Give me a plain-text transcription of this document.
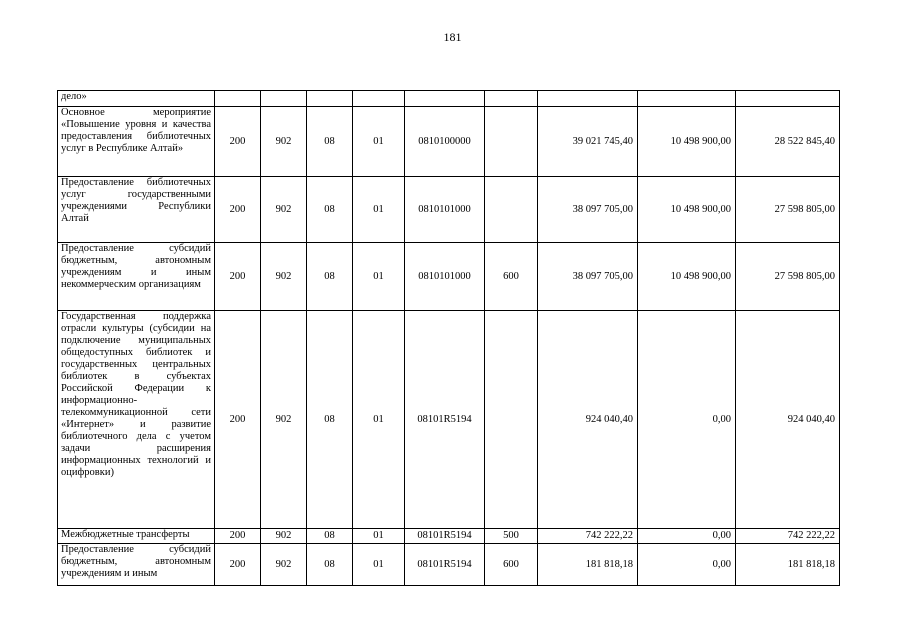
181
дело»									

Основное мероприятие «Повышение уровня и качества предоставления библиотечных услуг в Республике Алтай»	200	902	08	01	0810100000		39 021 745,40	10 498 900,00	28 522 845,40

Предоставление библиотечных услуг государственными учреждениями Республики Алтай	200	902	08	01	0810101000		38 097 705,00	10 498 900,00	27 598 805,00

Предоставление субсидий бюджетным, автономным учреждениям и иным некоммерческим организациям	200	902	08	01	0810101000	600	38 097 705,00	10 498 900,00	27 598 805,00

Государственная поддержка отрасли культуры (субсидии на подключение муниципальных общедоступных библиотек и государственных центральных библиотек в субъектах Российской Федерации к информационно-телекоммуникационной сети «Интернет» и развитие библиотечного дела с учетом задачи расширения информационных технологий и оцифровки)	200	902	08	01	08101R5194		924 040,40	0,00	924 040,40

Межбюджетные трансферты	200	902	08	01	08101R5194	500	742 222,22	0,00	742 222,22

Предоставление субсидий бюджетным, автономным учреждениям и иным	200	902	08	01	08101R5194	600	181 818,18	0,00	181 818,18
